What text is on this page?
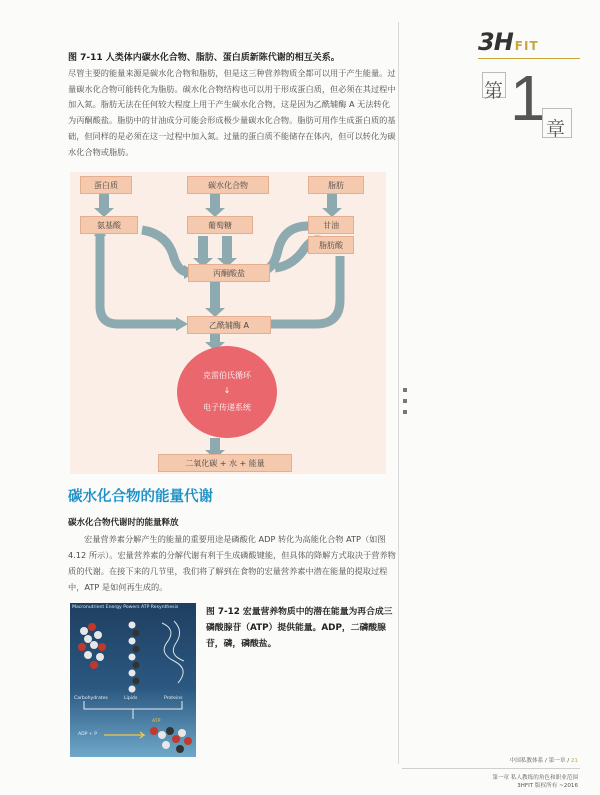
3H FIT
第 1 章
图 7-11 人类体内碳水化合物、脂肪、蛋白质新陈代谢的相互关系。
尽管主要的能量来源是碳水化合物和脂肪，但是这三种营养物质全都可以用于产生能量。过量碳水化合物可能转化为脂肪。碳水化合物结构也可以用于形成蛋白质，但必须在其过程中加入氮。脂肪无法在任何较大程度上用于产生碳水化合物，这是因为乙酰辅酶 A 无法转化为丙酮酸盐。脂肪中的甘油成分可能会形成极少量碳水化合物。脂肪可用作生成蛋白质的基础，但同样的是必须在这一过程中加入氮。过量的蛋白质不能储存在体内，但可以转化为碳水化合物或脂肪。
蛋白质	碳水化合物	脂肪
氨基酸	葡萄糖	甘油
脂肪酸
丙酮酸盐
乙酰辅酶 A
克雷伯氏循环
↓
电子传递系统
二氧化碳 + 水 + 能量
碳水化合物的能量代谢
碳水化合物代谢时的能量释放
宏量营养素分解产生的能量的重要用途是磷酸化 ADP 转化为高能化合物 ATP（如图 4.12 所示）。宏量营养素的分解代谢有利于生成磷酸键能，但具体的降解方式取决于营养物质的代谢。在接下来的几节里，我们将了解到在食物的宏量营养素中潜在能量的提取过程中，ATP 是如何再生成的。
Macronutrient Energy Powers ATP Resynthesis
Carbohydrates	Lipids	Proteins
ADP + P
ATP
图 7-12 宏量营养物质中的潜在能量为再合成三磷酸腺苷（ATP）提供能量。ADP，二磷酸腺苷，磷，磷酸盐。
中国私教体系 / 第一章 / 21
第一章 私人教练的角色和职业范围
3HFIT 版权所有 ~2016
